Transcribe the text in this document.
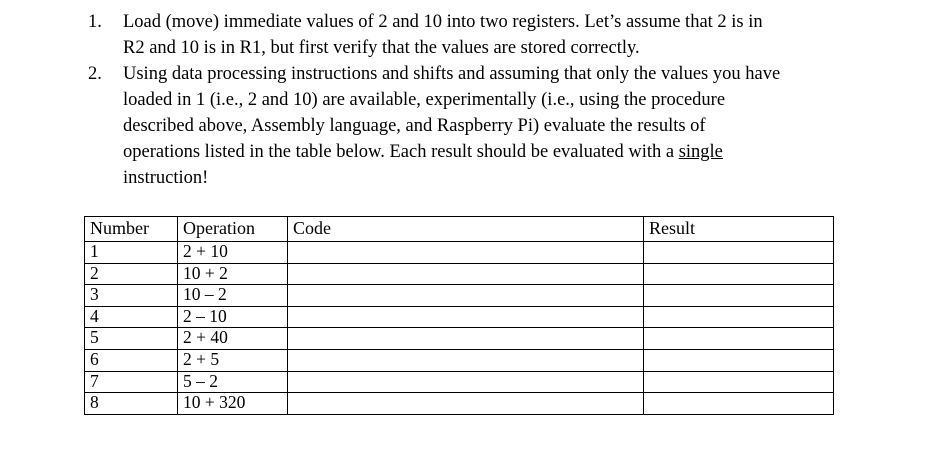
1. Load (move) immediate values of 2 and 10 into two registers. Let’s assume that 2 is in
R2 and 10 is in R1, but first verify that the values are stored correctly.
2. Using data processing instructions and shifts and assuming that only the values you have
loaded in 1 (i.e., 2 and 10) are available, experimentally (i.e., using the procedure
described above, Assembly language, and Raspberry Pi) evaluate the results of
operations listed in the table below. Each result should be evaluated with a single
instruction!
Number	Operation	Code	Result
1	2 + 10		
2	10 + 2		
3	10 – 2		
4	2 – 10		
5	2 + 40		
6	2 + 5		
7	5 – 2		
8	10 + 320		
